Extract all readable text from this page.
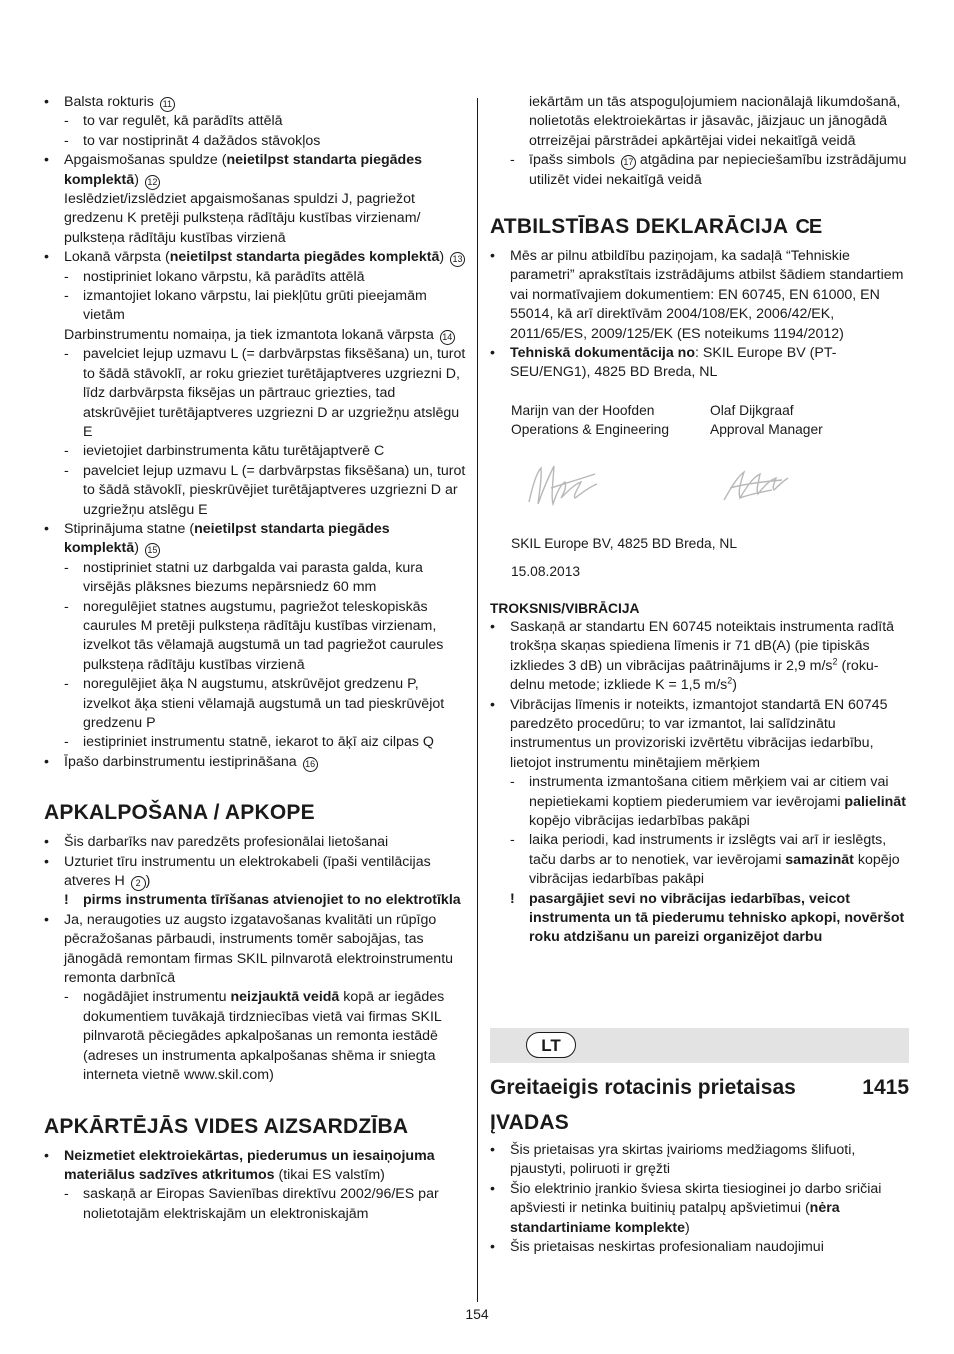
• Balsta rokturis 11
- to var regulēt, kā parādīts attēlā
- to var nostiprināt 4 dažādos stāvokļos
• Apgaismošanas spuldze (neietilpst standarta piegādes komplektā) 12
Ieslēdziet/izslēdziet apgaismošanas spuldzi J, pagriežot gredzenu K pretēji pulksteņa rādītāju kustības virzienam/ pulksteņa rādītāju kustības virzienā
• Lokanā vārpsta (neietilpst standarta piegādes komplektā) 13
- nostipriniet lokano vārpstu, kā parādīts attēlā
- izmantojiet lokano vārpstu, lai piekļūtu grūti pieejamām vietām
Darbinstrumentu nomaiņa, ja tiek izmantota lokanā vārpsta 14
- pavelciet lejup uzmavu L (= darbvārpstas fiksēšana) un, turot to šādā stāvoklī, ar roku grieziet turētājaptveres uzgriezni D, līdz darbvārpsta fiksējas un pārtrauc griezties, tad atskrūvējiet turētājaptveres uzgriezni D ar uzgriežņu atslēgu E
- ievietojiet darbinstrumenta kātu turētājaptverē C
- pavelciet lejup uzmavu L (= darbvārpstas fiksēšana) un, turot to šādā stāvoklī, pieskrūvējiet turētājaptveres uzgriezni D ar uzgriežņu atslēgu E
• Stiprinājuma statne (neietilpst standarta piegādes komplektā) 15
- nostipriniet statni uz darbgalda vai parasta galda, kura virsējās plāksnes biezums nepārsniedz 60 mm
- noregulējiet statnes augstumu, pagriežot teleskopiskās caurules M pretēji pulksteņa rādītāju kustības virzienam, izvelkot tās vēlamajā augstumā un tad pagriežot caurules pulksteņa rādītāju kustības virzienā
- noregulējiet āķa N augstumu, atskrūvējot gredzenu P, izvelkot āķa stieni vēlamajā augstumā un tad pieskrūvējot gredzenu P
- iestipriniet instrumentu statnē, iekarot to āķī aiz cilpas Q
• Īpašo darbinstrumentu iestiprināšana 16
APKALPOŠANA / APKOPE
• Šis darbarīks nav paredzēts profesionālai lietošanai
• Uzturiet tīru instrumentu un elektrokabeli (īpaši ventilācijas atveres H 2 )
! pirms instrumenta tīrīšanas atvienojiet to no elektrotīkla
• Ja, neraugoties uz augsto izgatavošanas kvalitāti un rūpīgo pēcražošanas pārbaudi, instruments tomēr sabojājas, tas jānogādā remontam firmas SKIL pilnvarotā elektroinstrumentu remonta darbnīcā
- nogādājiet instrumentu neizjauktā veidā kopā ar iegādes dokumentiem tuvākajā tirdzniecības vietā vai firmas SKIL pilnvarotā pēciegādes apkalpošanas un remonta iestādē (adreses un instrumenta apkalpošanas shēma ir sniegta interneta vietnē www.skil.com)
APKĀRTĒJĀS VIDES AIZSARDZĪBA
• Neizmetiet elektroiekārtas, piederumus un iesaiņojuma materiālus sadzīves atkritumos (tikai ES valstīm)
- saskaņā ar Eiropas Savienības direktīvu 2002/96/ES par nolietotajām elektriskajām un elektroniskajām
iekārtām un tās atspoguļojumiem nacionālajā likumdošanā, nolietotās elektroiekārtas ir jāsavāc, jāizjauc un jānogādā otrreizējai pārstrādei apkārtējai videi nekaitīgā veidā
- īpašs simbols 17 atgādina par nepieciešamību izstrādājumu utilizēt videi nekaitīgā veidā
ATBILSTĪBAS DEKLARĀCIJA CE
• Mēs ar pilnu atbildību paziņojam, ka sadaļā “Tehniskie parametri” aprakstītais izstrādājums atbilst šādiem standartiem vai normatīvajiem dokumentiem: EN 60745, EN 61000, EN 55014, kā arī direktīvām 2004/108/EK, 2006/42/EK, 2011/65/ES, 2009/125/EK (ES noteikums 1194/2012)
• Tehniskā dokumentācija no: SKIL Europe BV (PT-SEU/ENG1), 4825 BD Breda, NL
Marijn van der Hoofden
Operations & Engineering
Olaf Dijkgraaf
Approval Manager
SKIL Europe BV, 4825 BD Breda, NL
15.08.2013
TROKSNIS/VIBRĀCIJA
• Saskaņā ar standartu EN 60745 noteiktais instrumenta radītā trokšņa skaņas spiediena līmenis ir 71 dB(A) (pie tipiskās izkliedes 3 dB) un vibrācijas paātrinājums ir 2,9 $m/s^2$ (roku-delnu metode; izkliede K = 1,5 $m/s^2$)
• Vibrācijas līmenis ir noteikts, izmantojot standartā EN 60745 paredzēto procedūru; to var izmantot, lai salīdzinātu instrumentus un provizoriski izvērtētu vibrācijas iedarbību, lietojot instrumentu minētajiem mērķiem
- instrumenta izmantošana citiem mērķiem vai ar citiem vai nepietiekami koptiem piederumiem var ievērojami palielināt kopējo vibrācijas iedarbības pakāpi
- laika periodi, kad instruments ir izslēgts vai arī ir ieslēgts, taču darbs ar to nenotiek, var ievērojami samazināt kopējo vibrācijas iedarbības pakāpi
! pasargājiet sevi no vibrācijas iedarbības, veicot instrumenta un tā piederumu tehnisko apkopi, novēršot roku atdzišanu un pareizi organizējot darbu
LT
Greitaeigis rotacinis prietaisas	1415
ĮVADAS
• Šis prietaisas yra skirtas įvairioms medžiagoms šlifuoti, pjaustyti, poliruoti ir gręžti
• Šio elektrinio įrankio šviesa skirta tiesioginei jo darbo sričiai apšviesti ir netinka buitinių patalpų apšvietimui (nėra standartiniame komplekte)
• Šis prietaisas neskirtas profesionaliam naudojimui
154
